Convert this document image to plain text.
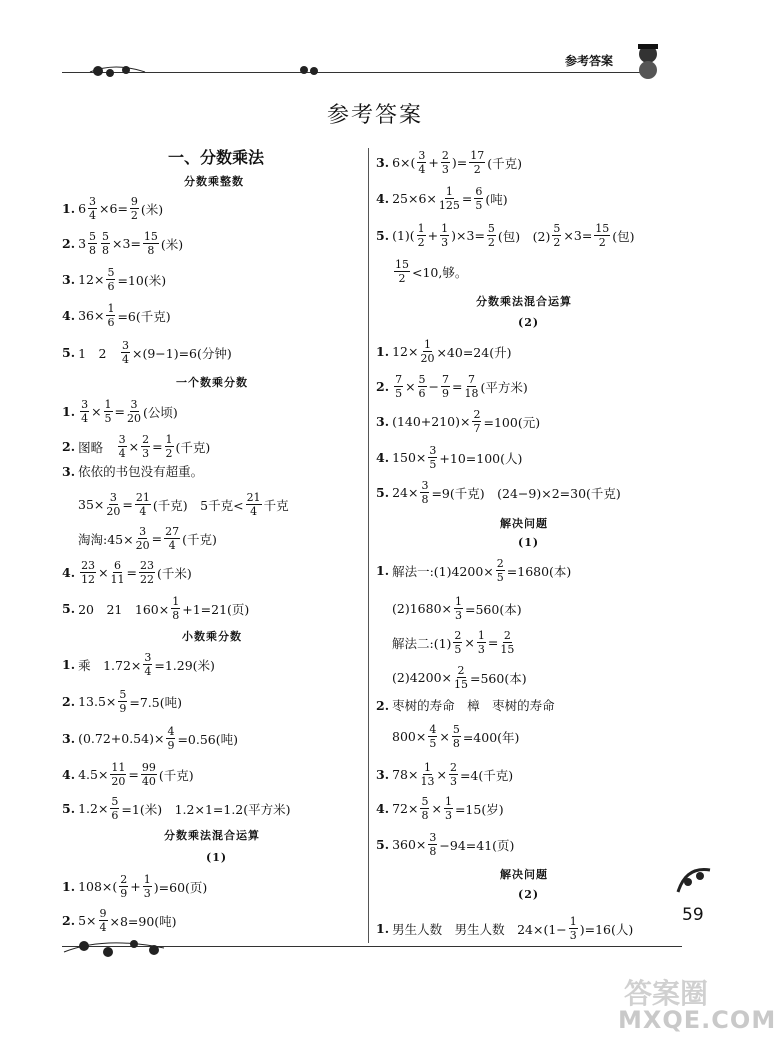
参考答案
参考答案
一、分数乘法
分数乘整数
一个数乘分数
小数乘分数
分数乘法混合运算
(1)
分数乘法混合运算
(2)
解决问题
(1)
解决问题
(2)
1. $6 \frac{3}{4} \times 6= \frac{9}{2}$ (米)
2. $3 \frac{5}{8} \frac{5}{8} \times 3= \frac{15}{8}$ (米)
3. $12\times \frac{5}{6} =10$(米)
4. $36\times \frac{1}{6} =6$(千克)
5. 1　2　 $\frac{3}{4} \times(9-1)=6$(分钟)
1. $\frac{3}{4} \times \frac{1}{5} = \frac{3}{20}$ (公顷)
2. 图略　 $\frac{3}{4} \times \frac{2}{3} = \frac{1}{2}$ (千克)
3. 依依的书包没有超重。
$35\times \frac{3}{20} = \frac{21}{4}$ (千克)　5千克< $\frac{21}{4}$ 千克
淘淘:45× $\frac{3}{20} = \frac{27}{4}$ (千克)
4. $\frac{23}{12} \times \frac{6}{11} = \frac{23}{22}$ (千米)
5. 20　21　$160\times \frac{1}{8} +1=21$(页)
1. 乘　$1.72\times \frac{3}{4} =1.29$(米)
2. $13.5\times \frac{5}{9} =7.5$(吨)
3. $(0.72+0.54)\times \frac{4}{9} =0.56$(吨)
4. $4.5\times \frac{11}{20} = \frac{99}{40}$ (千克)
5. $1.2\times \frac{5}{6} =1$(米)　1.2×1=1.2(平方米)
1. $108\times( \frac{2}{9} + \frac{1}{3} )=60$(页)
2. $5\times \frac{9}{4} \times 8=90$(吨)
3. $6\times( \frac{3}{4} + \frac{2}{3}$ )= $\frac{17}{2}$ (千克)
4. $25\times 6\times \frac{1}{125} = \frac{6}{5}$ (吨)
5. $(1)( \frac{1}{2} + \frac{1}{3} )\times 3= \frac{5}{2}$ (包)　$(2) \frac{5}{2} \times 3= \frac{15}{2}$ (包)
$\frac{15}{2} <10$,够。
1. $12\times \frac{1}{20} \times 40=24$(升)
2. $\frac{7}{5} \times \frac{5}{6} - \frac{7}{9} = \frac{7}{18}$ (平方米)
3. $(140+210)\times \frac{2}{7} =100$(元)
4. $150\times \frac{3}{5} +10=100$(人)
5. $24\times \frac{3}{8} =9$(千克)　(24−9)×2=30(千克)
1. 解法一:(1)4200× $\frac{2}{5} =1680$(本)
$(2)1680\times \frac{1}{3} =560$(本)
解法二:(1) $\frac{2}{5} \times \frac{1}{3} = \frac{2}{15}$
$(2)4200\times \frac{2}{15} =560$(本)
2. 枣树的寿命　樟　枣树的寿命
$800\times \frac{4}{5} \times \frac{5}{8} =400$(年)
3. $78\times \frac{1}{13} \times \frac{2}{3} =4$(千克)
4. $72\times \frac{5}{8} \times \frac{1}{3} =15$(岁)
5. $360\times \frac{3}{8} -94=41$(页)
1. 男生人数　男生人数　$24\times(1- \frac{1}{3} )=16$(人)
59
答案圈
MXQE.COM
